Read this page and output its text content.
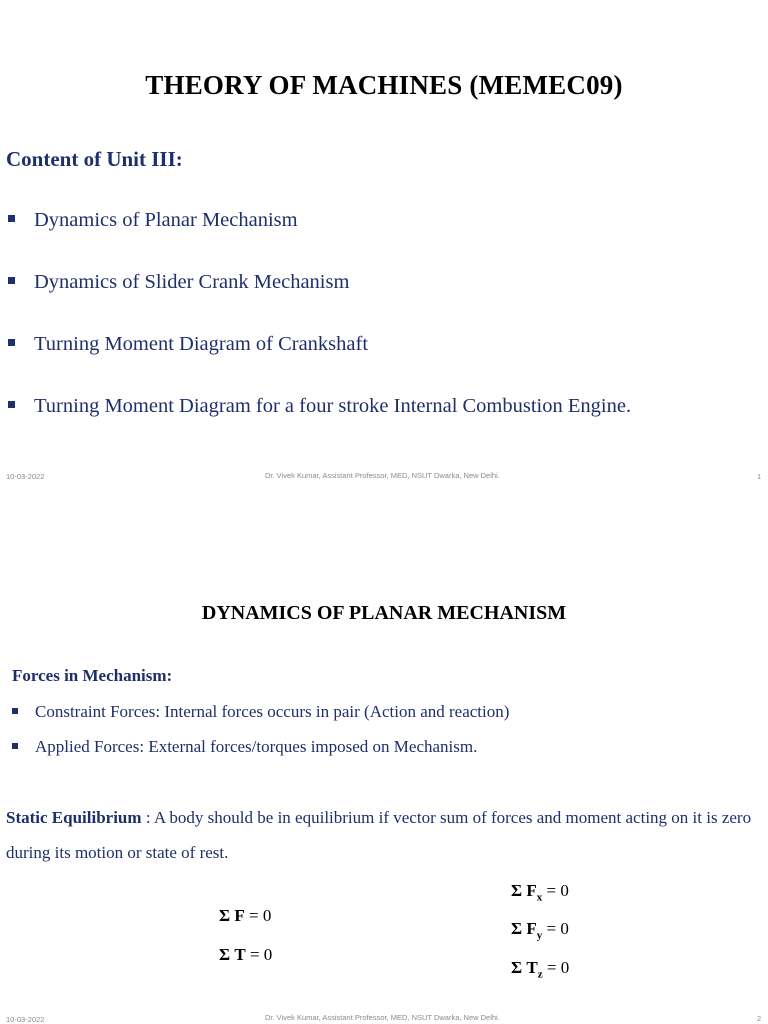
THEORY OF MACHINES (MEMEC09)
Content of Unit III:
Dynamics of Planar Mechanism
Dynamics of Slider Crank Mechanism
Turning Moment Diagram of Crankshaft
Turning Moment Diagram for a four stroke Internal Combustion Engine.
10-03-2022	Dr. Vivek Kumar, Assistant Professor, MED, NSUT Dwarka, New Delhi.	1
DYNAMICS OF PLANAR MECHANISM
Forces in Mechanism:
Constraint Forces: Internal forces occurs in pair (Action and reaction)
Applied Forces: External forces/torques imposed on Mechanism.
Static Equilibrium : A body should be in equilibrium if vector sum of forces and moment acting on it is zero during its motion or state of rest.
Σ F = 0
Σ T = 0
Σ $F_x = 0$
Σ $F_y = 0$
Σ $T_z = 0$
10-03-2022	Dr. Vivek Kumar, Assistant Professor, MED, NSUT Dwarka, New Delhi.	2
